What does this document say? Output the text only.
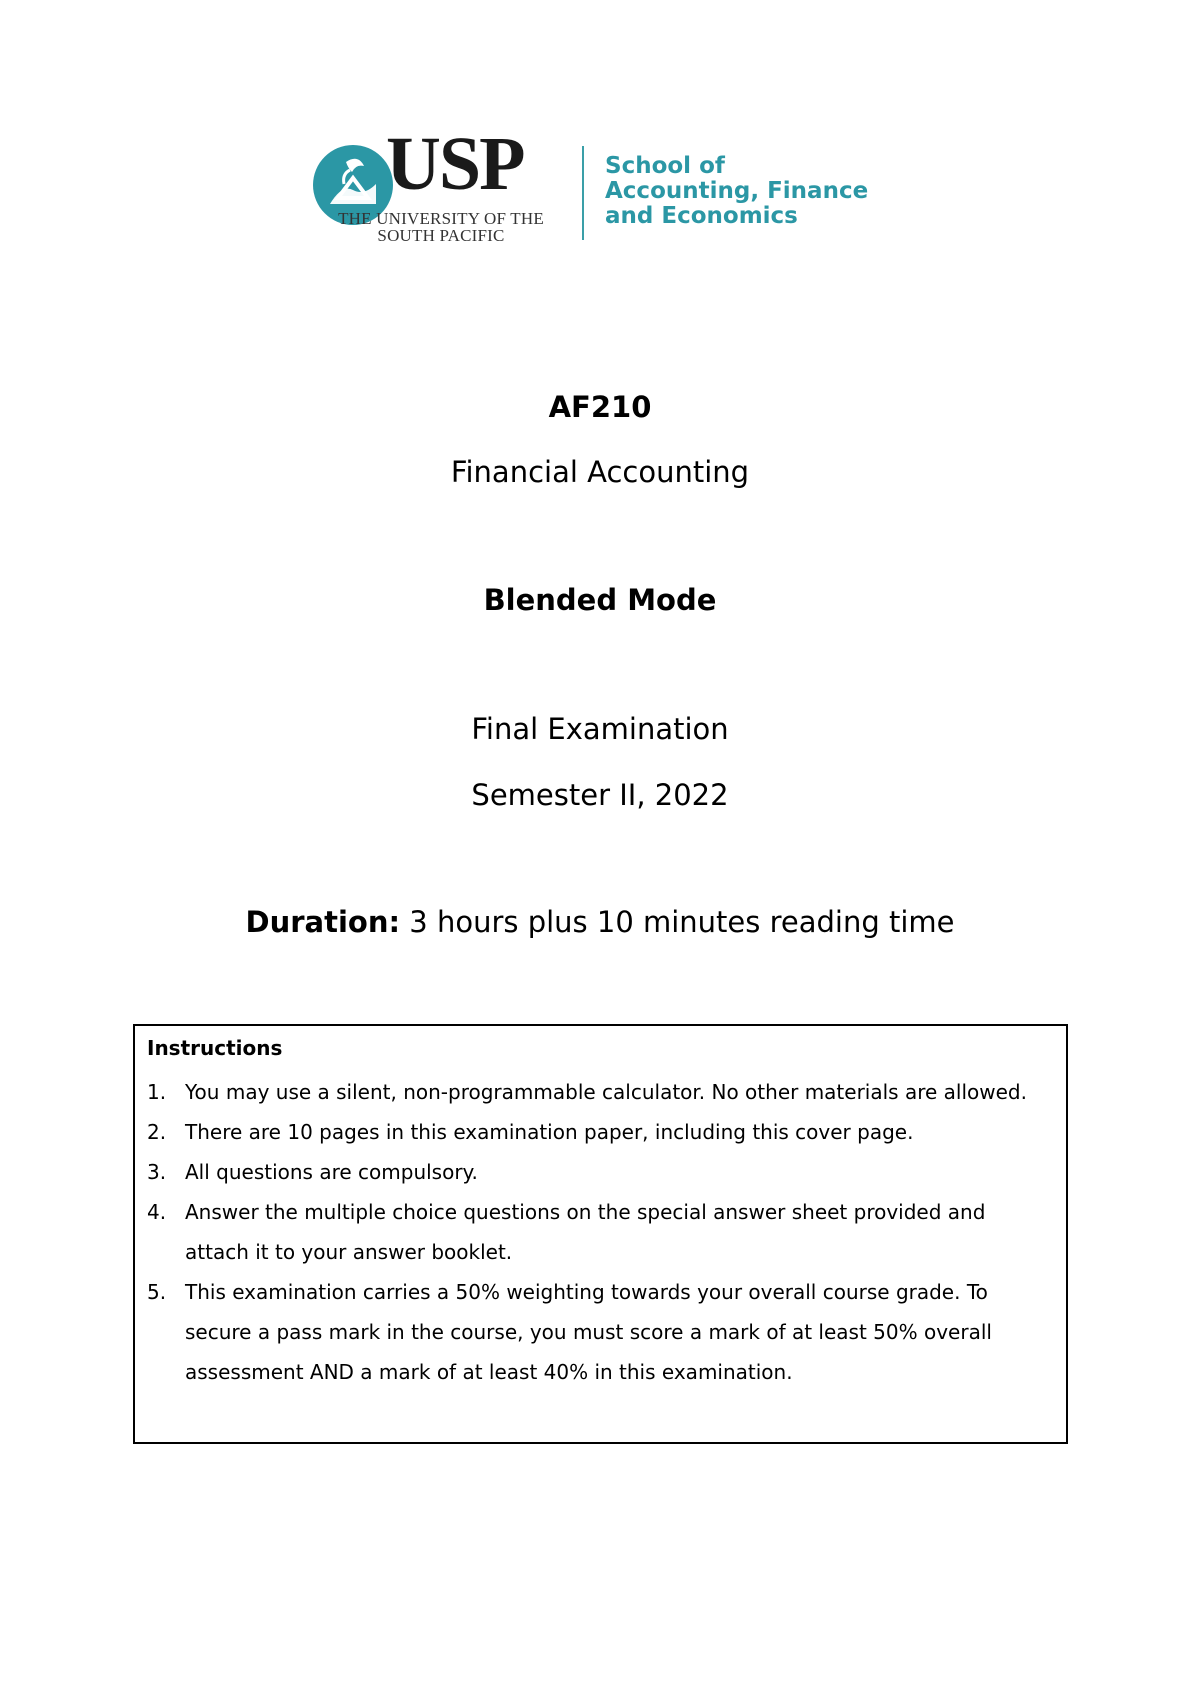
USP
THE UNIVERSITY OF THE
SOUTH PACIFIC
School of
Accounting, Finance
and Economics
AF210
Financial Accounting
Blended Mode
Final Examination
Semester II, 2022
Duration: 3 hours plus 10 minutes reading time
Instructions
1. You may use a silent, non-programmable calculator. No other materials are allowed.
2. There are 10 pages in this examination paper, including this cover page.
3. All questions are compulsory.
4. Answer the multiple choice questions on the special answer sheet provided and attach it to your answer booklet.
5. This examination carries a 50% weighting towards your overall course grade. To secure a pass mark in the course, you must score a mark of at least 50% overall assessment AND a mark of at least 40% in this examination.
